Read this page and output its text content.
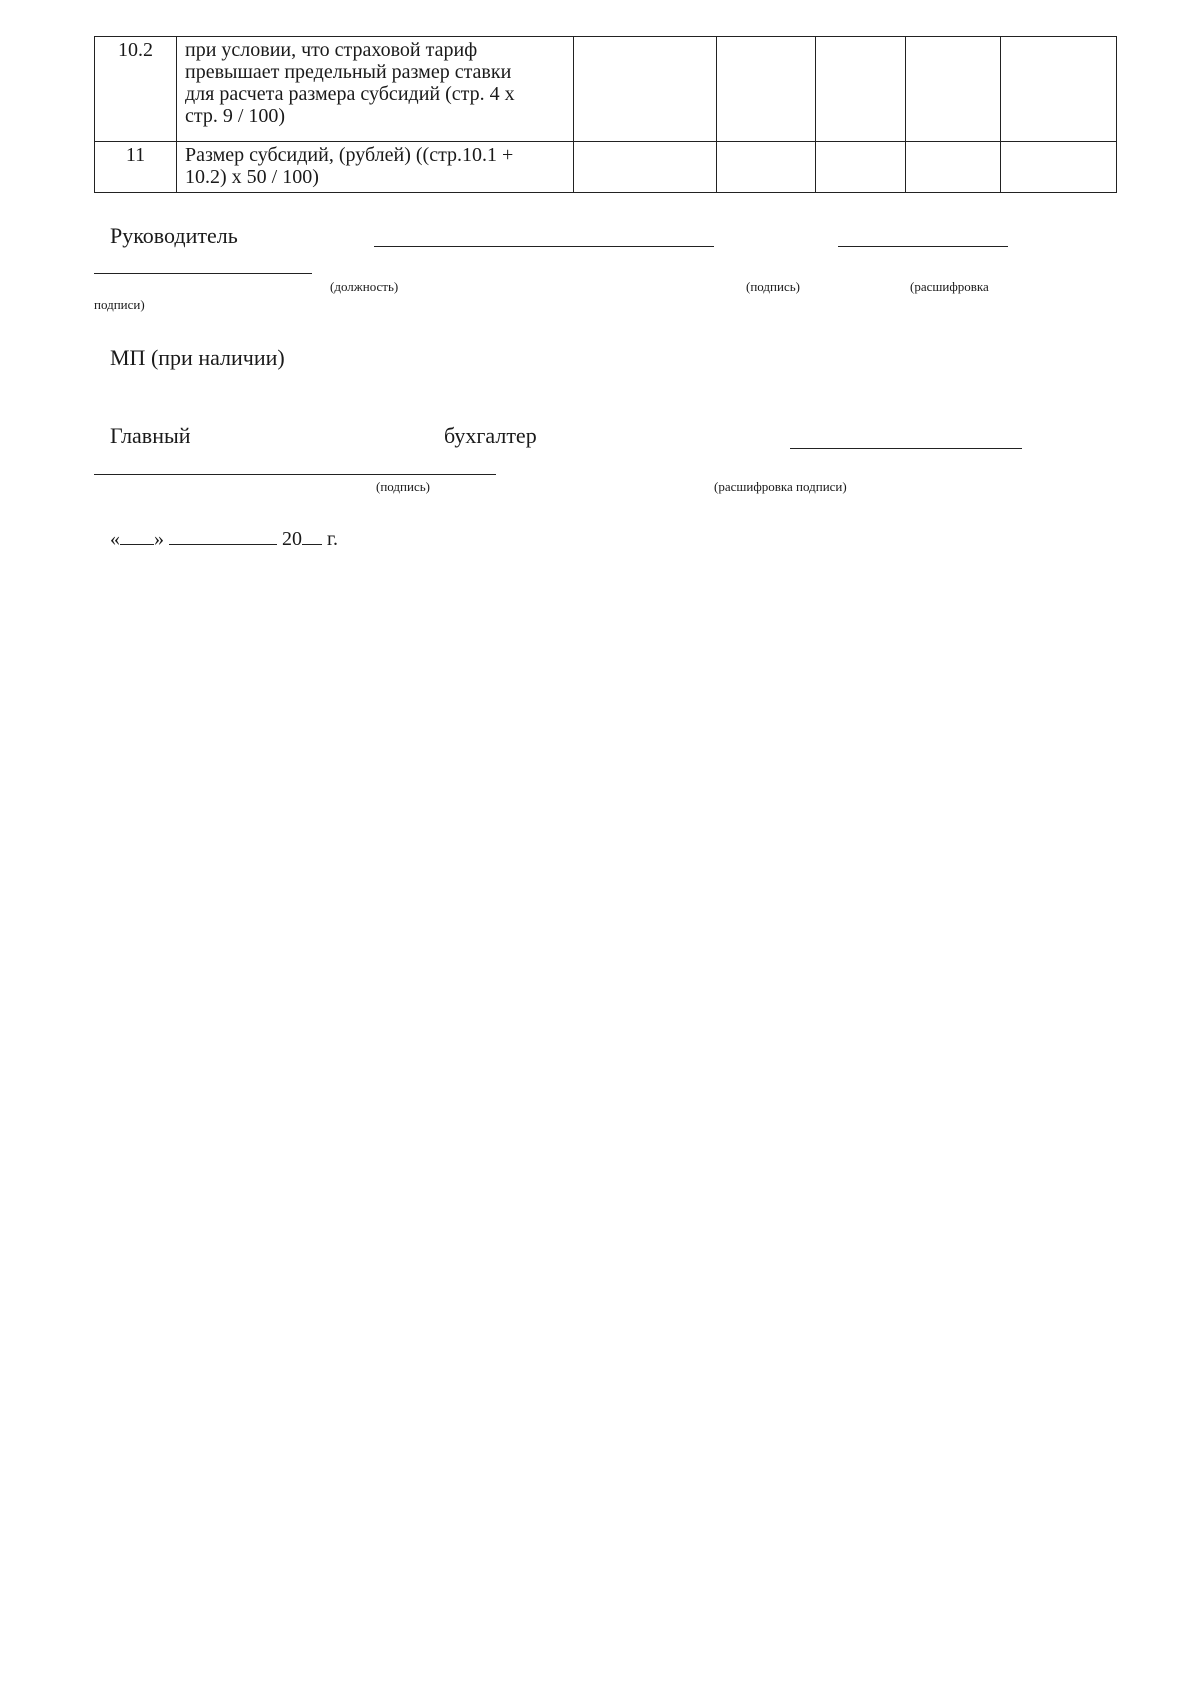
10.2	при условии, что страховой тариф
превышает предельный размер ставки
для расчета размера субсидий (стр. 4 х
стр. 9 / 100)					

11	Размер субсидий, (рублей) ((стр.10.1 +
10.2) х 50 / 100)					

Руководитель
(должность)	(подпись)	(расшифровка
подписи)
МП (при наличии)
Главный	бухгалтер
(подпись)	(расшифровка подписи)
« »	20 г.
